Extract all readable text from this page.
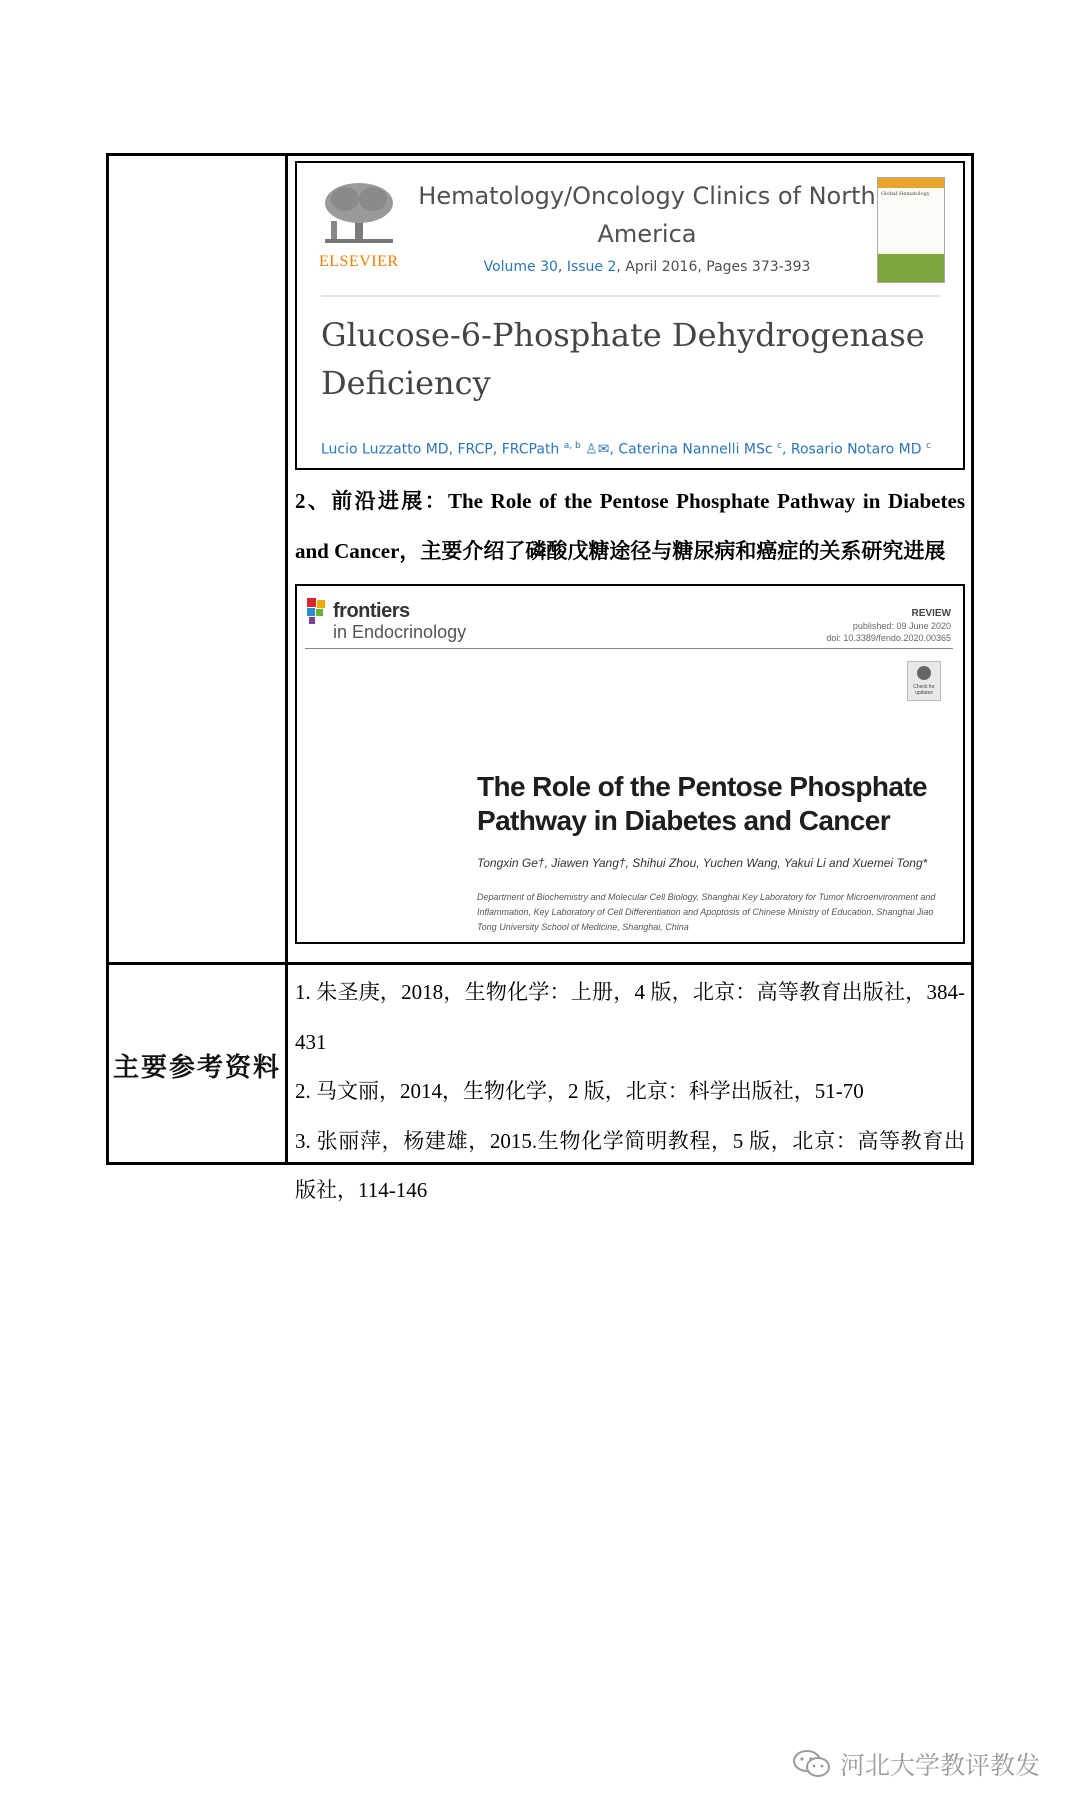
ELSEVIER
Hematology/Oncology Clinics of North
America
Volume 30, Issue 2, April 2016, Pages 373-393
Global Hematology
Glucose-6-Phosphate Dehydrogenase
Deficiency
Lucio Luzzatto MD, FRCP, FRCPath $^{a, b}$ ♙✉, Caterina Nannelli MSc $^c$, Rosario Notaro MD $^c$
2、前沿进展：The Role of the Pentose Phosphate Pathway in Diabetes and Cancer，主要介绍了磷酸戊糖途径与糖尿病和癌症的关系研究进展
frontiers
in Endocrinology
REVIEW
published: 09 June 2020
doi: 10.3389/fendo.2020.00365
Check for updates
The Role of the Pentose Phosphate
Pathway in Diabetes and Cancer
Tongxin Ge†, Jiawen Yang†, Shihui Zhou, Yuchen Wang, Yakui Li and Xuemei Tong*
Department of Biochemistry and Molecular Cell Biology, Shanghai Key Laboratory for Tumor Microenvironment and Inflammation, Key Laboratory of Cell Differentiation and Apoptosis of Chinese Ministry of Education, Shanghai Jiao Tong University School of Medicine, Shanghai, China
主要参考资料
1. 朱圣庚，2018，生物化学：上册，4 版，北京：高等教育出版社，384-431
2. 马文丽，2014，生物化学，2 版，北京：科学出版社，51-70
3. 张丽萍，杨建雄，2015.生物化学简明教程，5 版，北京：高等教育出版社，114-146
河北大学教评教发
